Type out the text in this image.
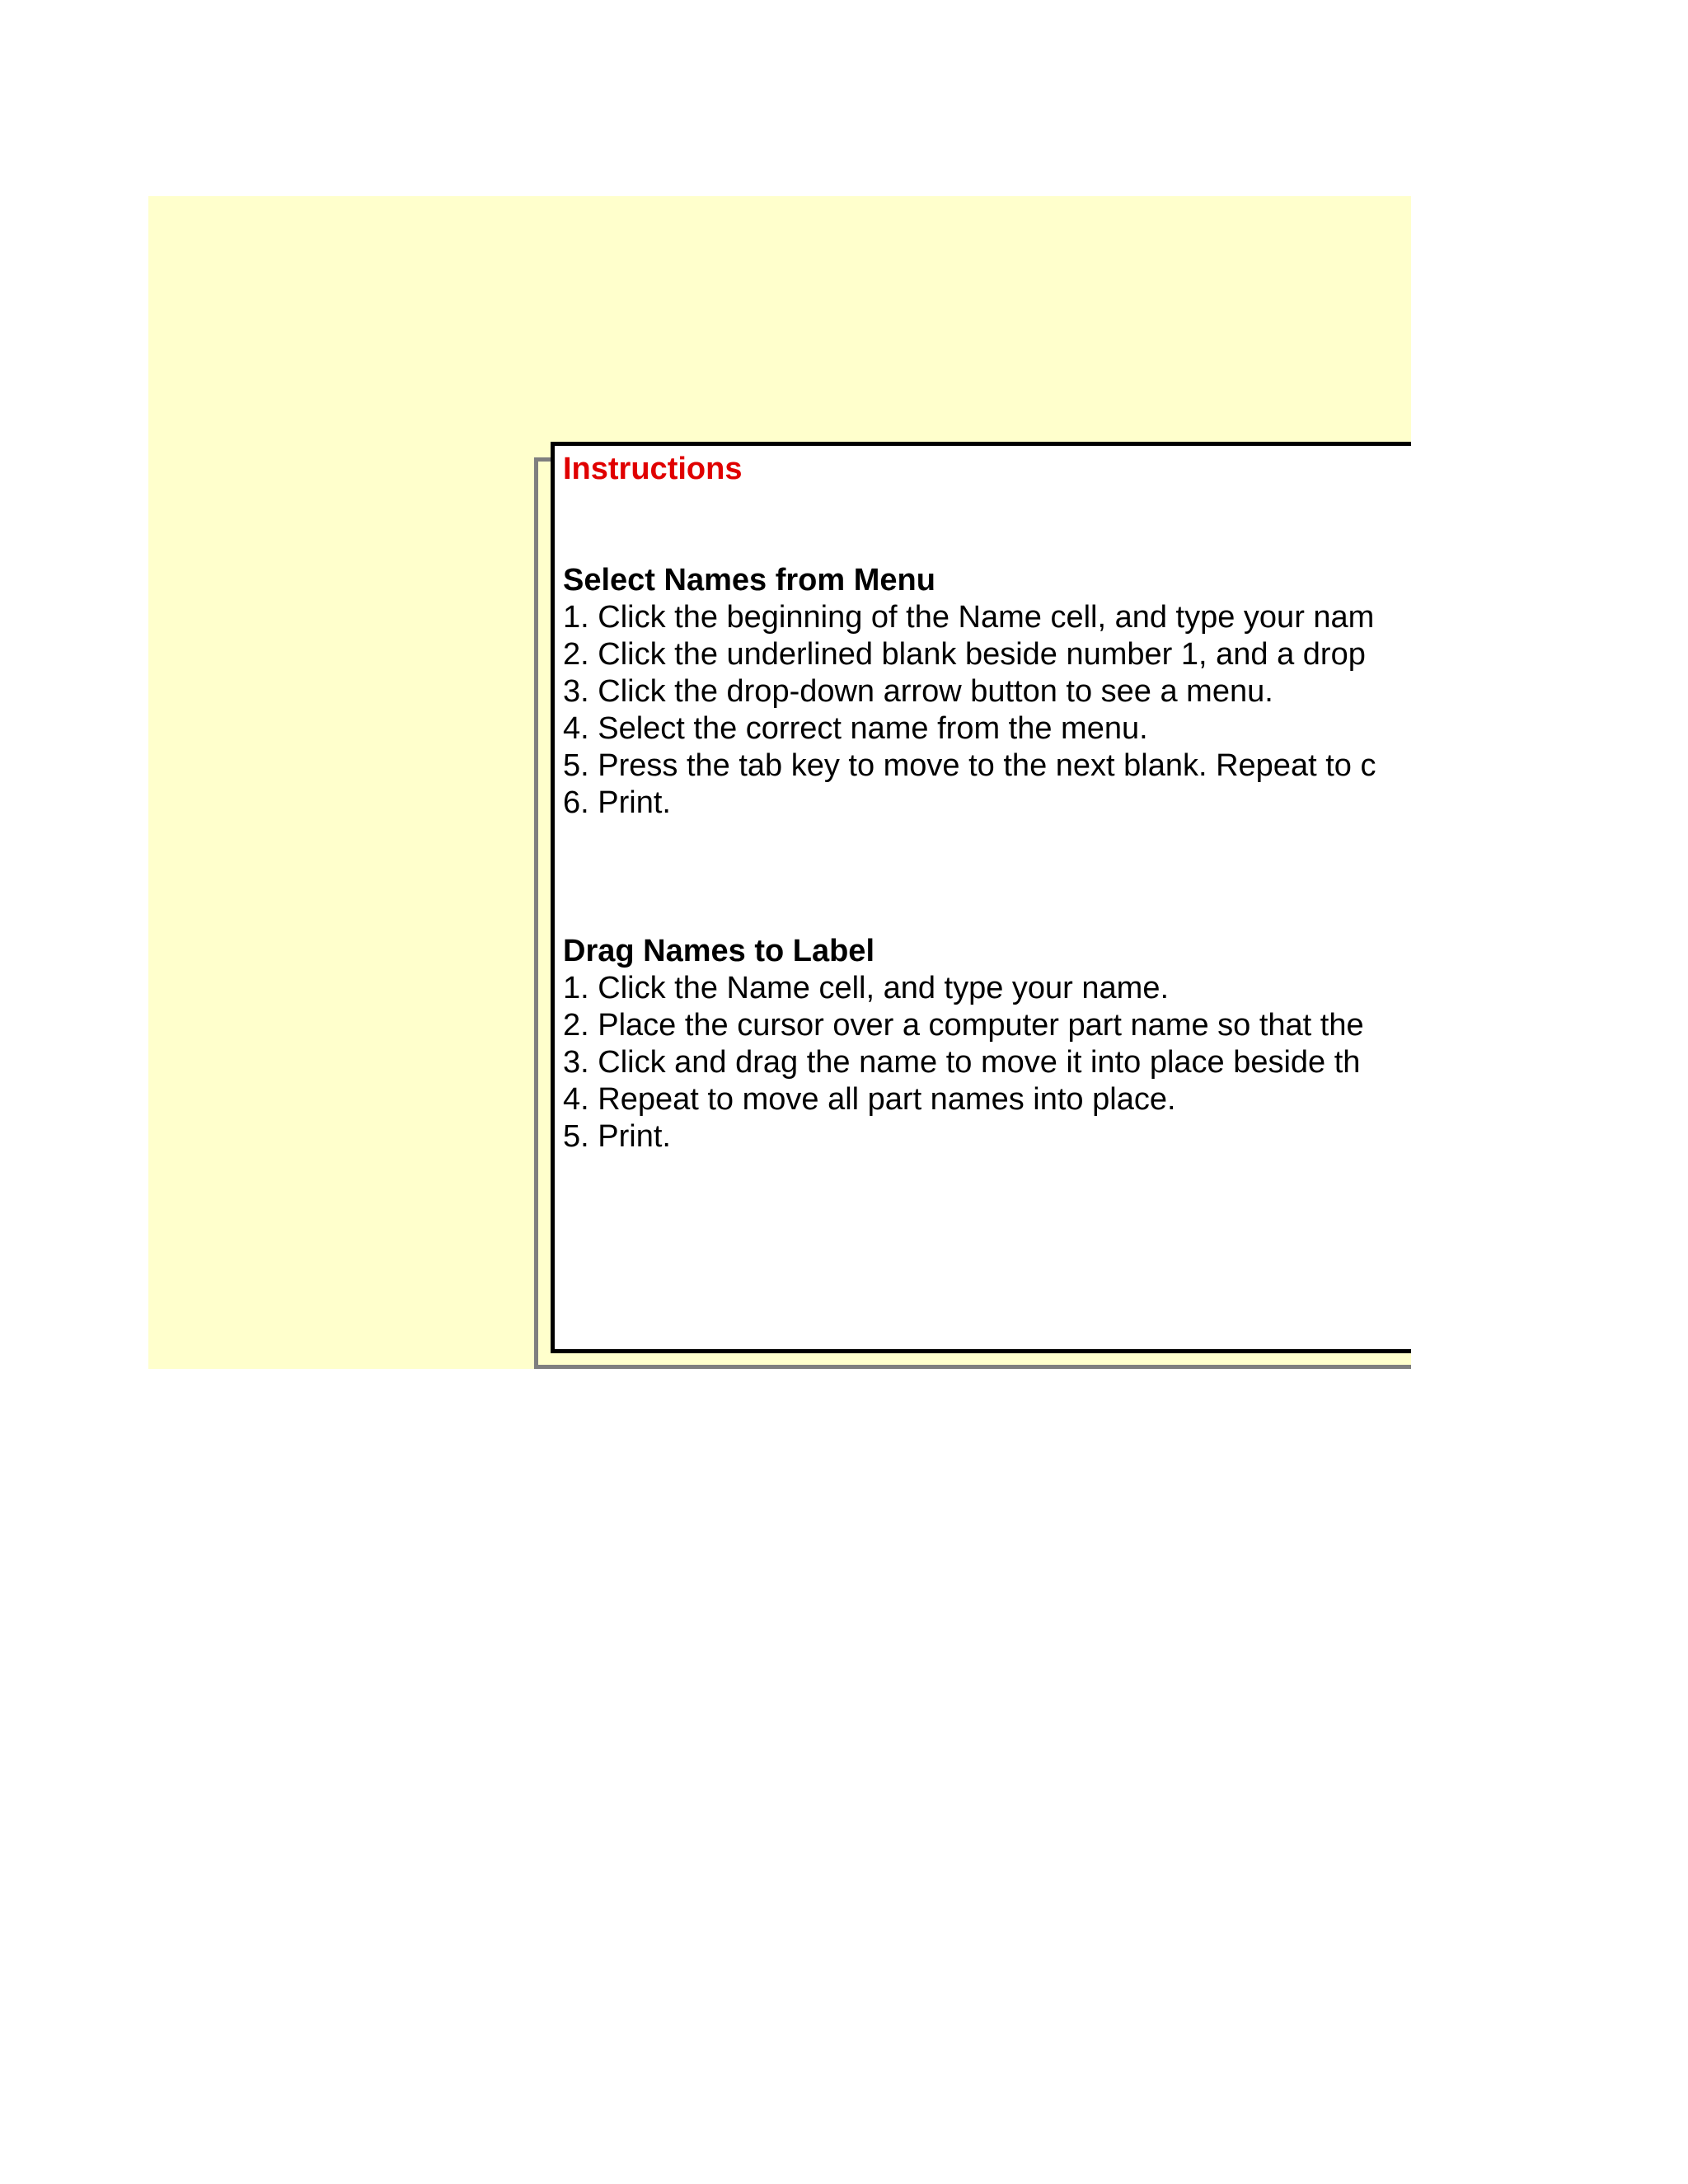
Instructions
Select Names from Menu
1. Click the beginning of the Name cell, and type your nam
2. Click the underlined blank beside number 1, and a drop
3. Click the drop-down arrow button to see a menu.
4. Select the correct name from the menu.
5. Press the tab key to move to the next blank. Repeat to c
6. Print.
Drag Names to Label
1. Click the Name cell, and type your name.
2. Place the cursor over a computer part name so that the
3. Click and drag the name to move it into place beside th
4. Repeat to move all part names into place.
5. Print.
